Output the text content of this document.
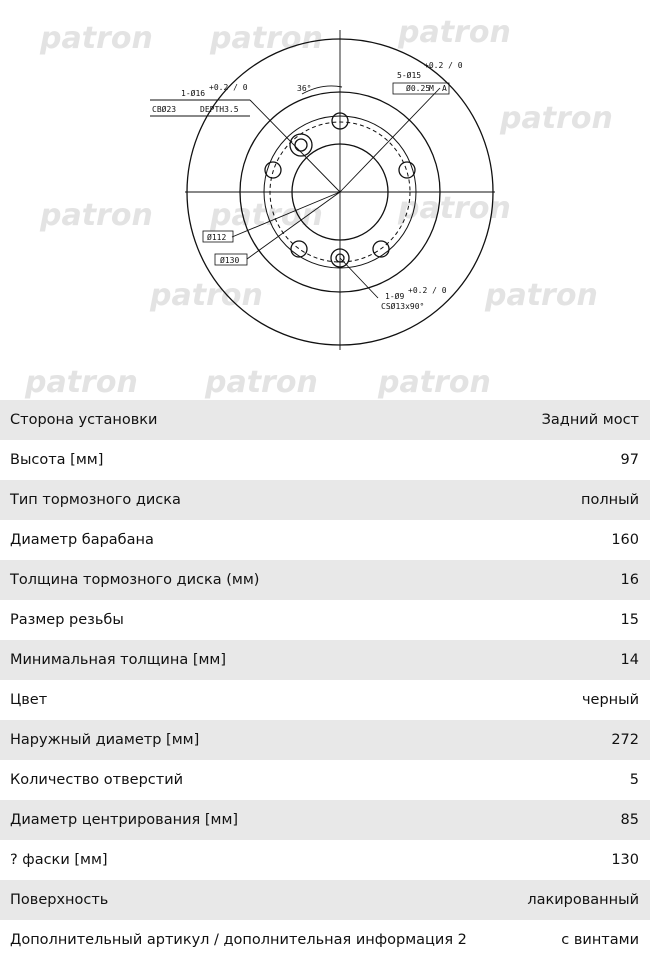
patron patron	patron
patron
patron patron	patron
patron	patron
patron patron patron
36°
5-Ø15
+0.2 / 0
Ø0.25
M A
1-Ø16
+0.2 / 0
CBØ23	DEPTH3.5
Ø112
Ø130
1-Ø9
+0.2 / 0
CSØ13x90°
Сторона установки	Задний мост
Высота [мм]	97
Тип тормозного диска	полный
Диаметр барабана	160
Толщина тормозного диска (мм)	16
Размер резьбы	15
Минимальная толщина [мм]	14
Цвет	черный
Наружный диаметр [мм]	272
Количество отверстий	5
Диаметр центрирования [мм]	85
? фаски [мм]	130
Поверхность	лакированный
Дополнительный артикул / дополнительная информация 2	с винтами
